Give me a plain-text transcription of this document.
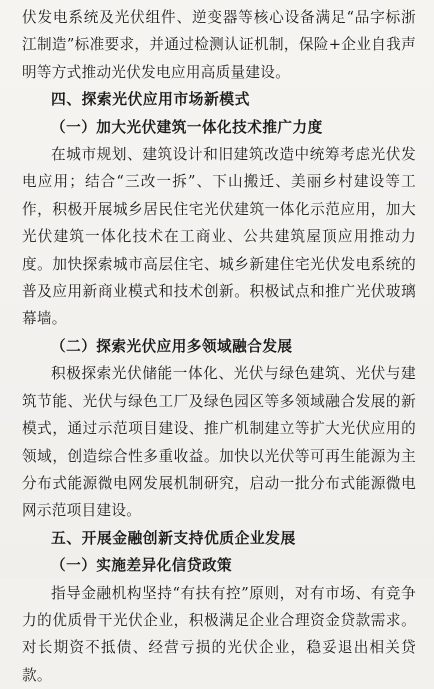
伏发电系统及光伏组件、逆变器等核心设备满足“品字标浙江制造”标准要求，并通过检测认证机制，保险+企业自我声明等方式推动光伏发电应用高质量建设。

四、探索光伏应用市场新模式
（一）加大光伏建筑一体化技术推广力度

在城市规划、建筑设计和旧建筑改造中统筹考虑光伏发电应用；结合“三改一拆”、下山搬迁、美丽乡村建设等工作，积极开展城乡居民住宅光伏建筑一体化示范应用，加大光伏建筑一体化技术在工商业、公共建筑屋顶应用推动力度。加快探索城市高层住宅、城乡新建住宅光伏发电系统的普及应用新商业模式和技术创新。积极试点和推广光伏玻璃幕墙。

（二）探索光伏应用多领域融合发展

积极探索光伏储能一体化、光伏与绿色建筑、光伏与建筑节能、光伏与绿色工厂及绿色园区等多领域融合发展的新模式，通过示范项目建设、推广机制建立等扩大光伏应用的领域，创造综合性多重收益。加快以光伏等可再生能源为主分布式能源微电网发展机制研究，启动一批分布式能源微电网示范项目建设。

五、开展金融创新支持优质企业发展
（一）实施差异化信贷政策

指导金融机构坚持“有扶有控”原则，对有市场、有竞争力的优质骨干光伏企业，积极满足企业合理资金贷款需求。对长期资不抵债、经营亏损的光伏企业，稳妥退出相关贷款。
